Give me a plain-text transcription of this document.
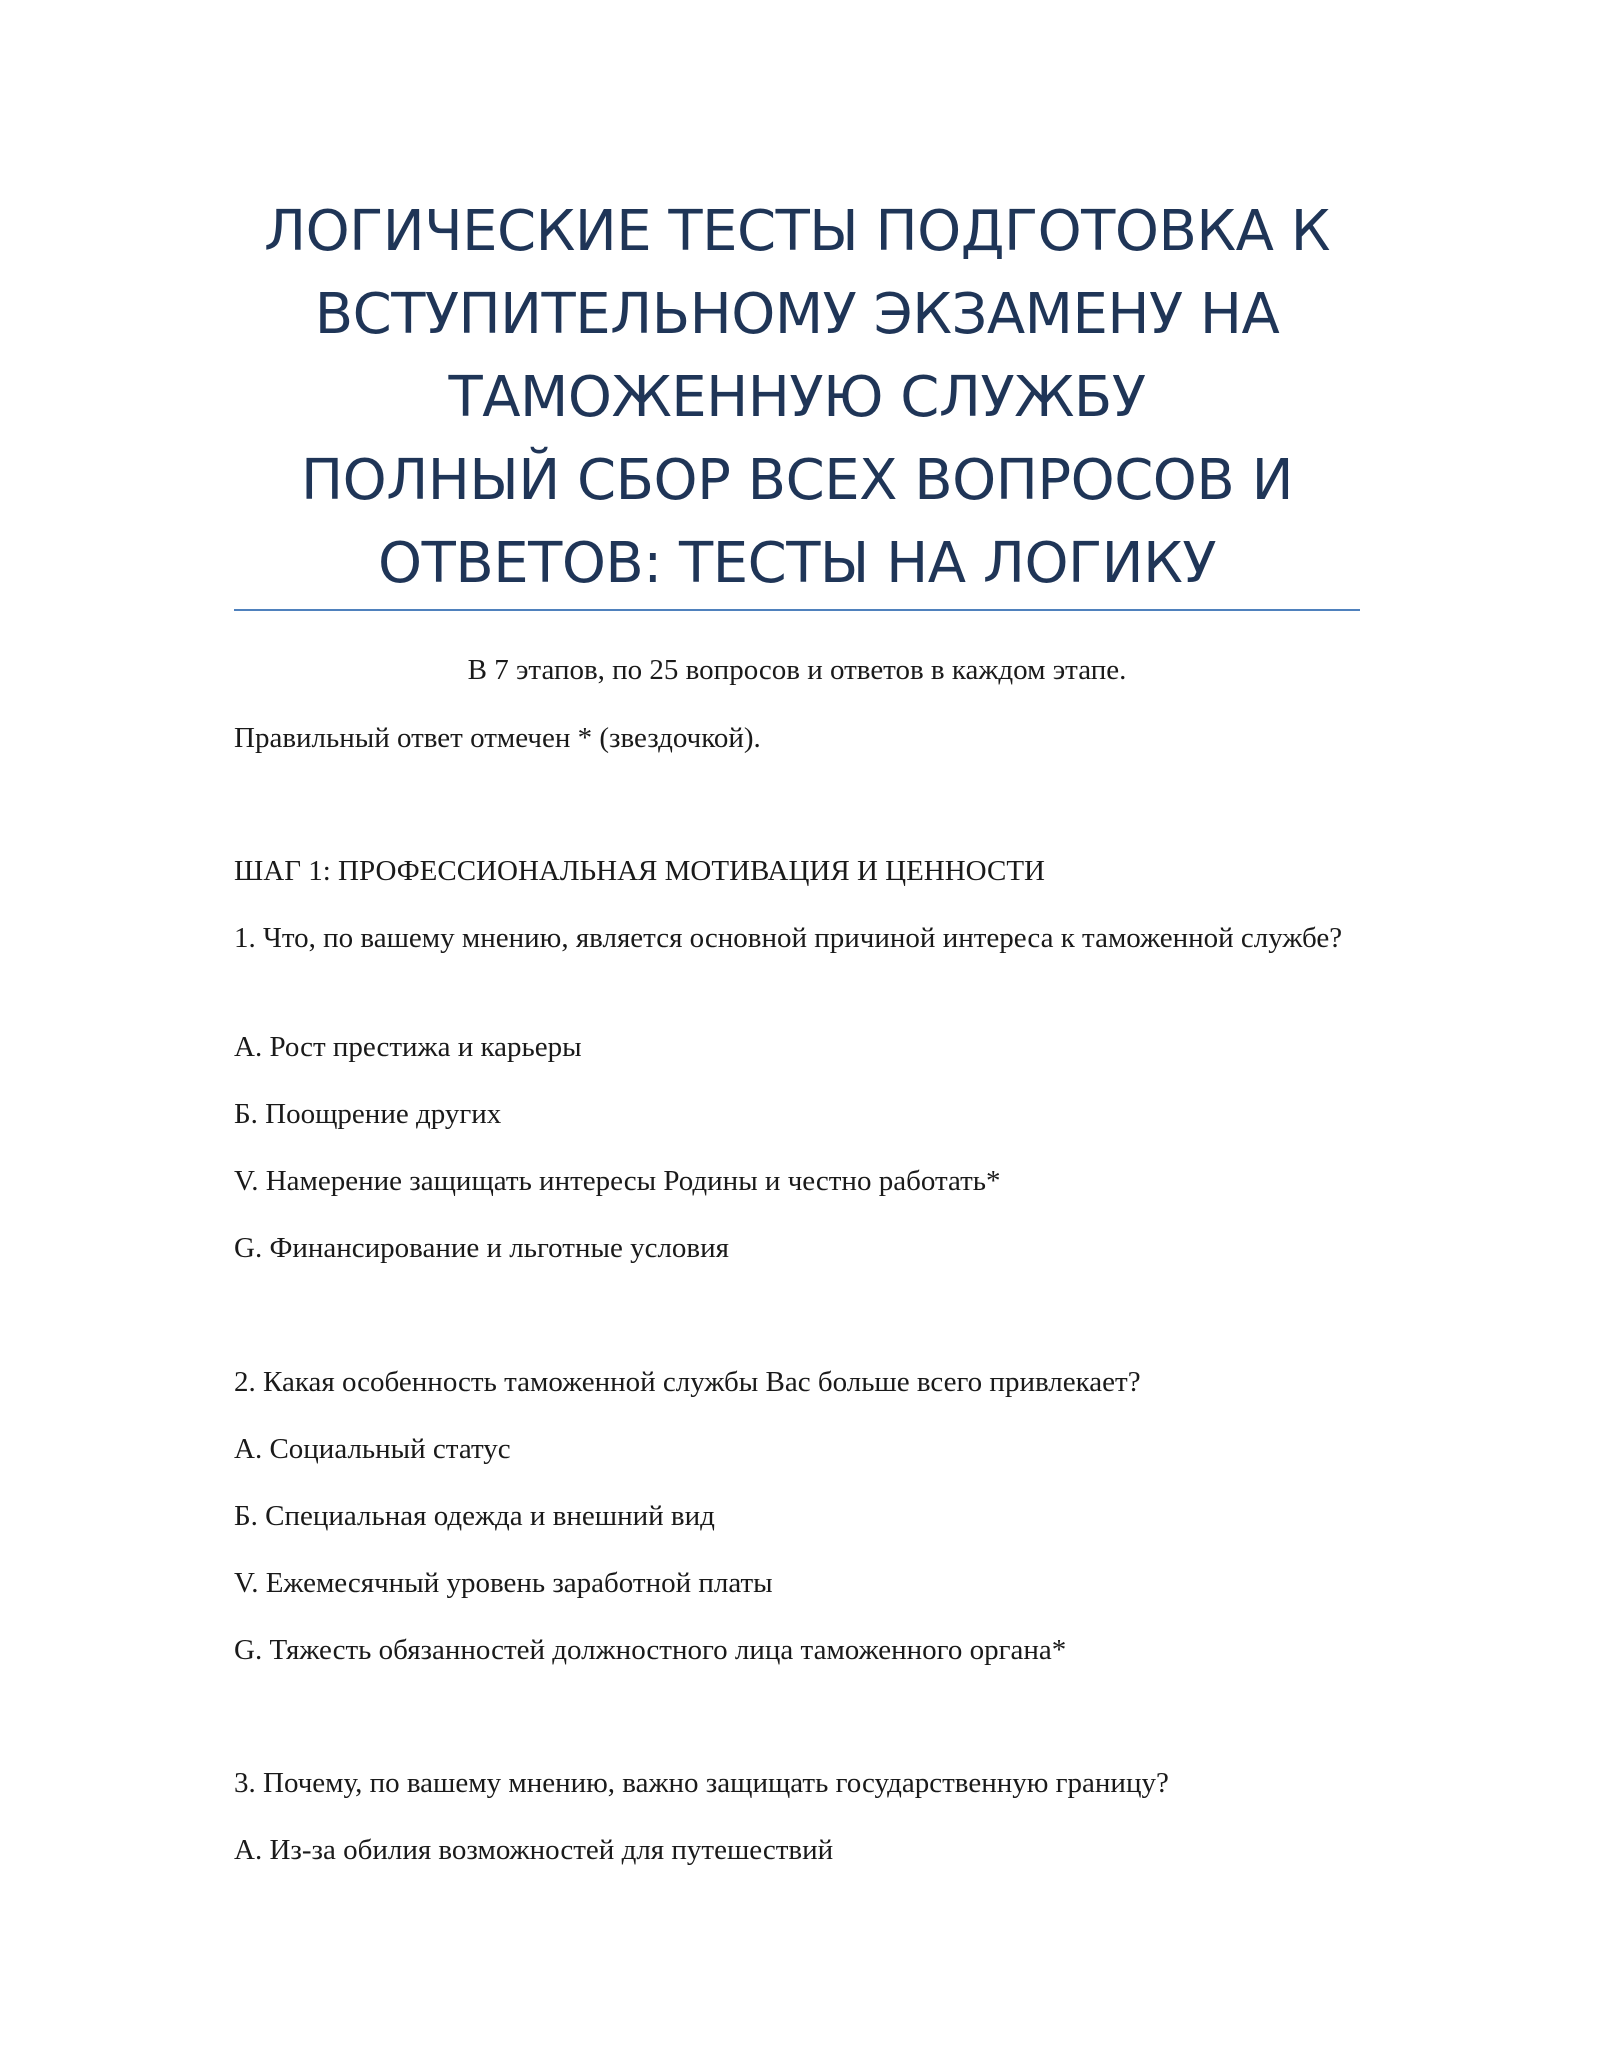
ЛОГИЧЕСКИЕ ТЕСТЫ ПОДГОТОВКА К
ВСТУПИТЕЛЬНОМУ ЭКЗАМЕНУ НА
ТАМОЖЕННУЮ СЛУЖБУ
ПОЛНЫЙ СБОР ВСЕХ ВОПРОСОВ И
ОТВЕТОВ: ТЕСТЫ НА ЛОГИКУ
В 7 этапов, по 25 вопросов и ответов в каждом этапе.
Правильный ответ отмечен * (звездочкой).
ШАГ 1: ПРОФЕССИОНАЛЬНАЯ МОТИВАЦИЯ И ЦЕННОСТИ
1. Что, по вашему мнению, является основной причиной интереса к таможенной службе?
А. Рост престижа и карьеры
Б. Поощрение других
V. Намерение защищать интересы Родины и честно работать*
G. Финансирование и льготные условия
2. Какая особенность таможенной службы Вас больше всего привлекает?
А. Социальный статус
Б. Специальная одежда и внешний вид
V. Ежемесячный уровень заработной платы
G. Тяжесть обязанностей должностного лица таможенного органа*
3. Почему, по вашему мнению, важно защищать государственную границу?
А. Из-за обилия возможностей для путешествий
